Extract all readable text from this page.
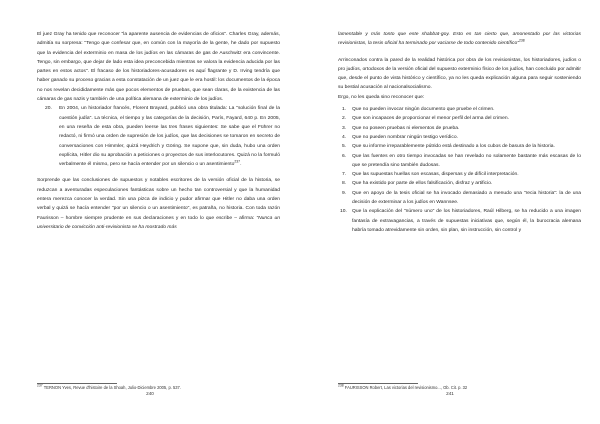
El juez Gray ha tenido que reconocer "la aparente ausencia de evidencias de oficios". Charles Gray, además, admitía su sorpresa: "Tengo que confesar que, en común con la mayoría de la gente, he dado por supuesto que la evidencia del exterminio en masa de los judíos en las cámaras de gas de Auschwitz era convincente. Tengo, sin embargo, que dejar de lado esta idea preconcebida mientras se valora la evidencia aducida por las partes en estos actos". El fracaso de los historiadores-acusadores es aquí flagrante y D. Irving tendría que haber ganado su proceso gracias a esta constatación de un juez que le era hostil: los documentos de la época no nos revelan decididamente más que pocos elementos de pruebas, que sean claras, de la existencia de las cámaras de gas nazis y también de una política alemana de exterminio de los judíos.

20.	En 2004, un historiador francés, Florent Brayard, publicó una obra titulada: La "solución final de la cuestión judía". La técnica, el tiempo y las categorías de la decisión, París, Fayard, 640 p. En 2005, en una reseña de esta obra, pueden leerse las tres frases siguientes: Se sabe que el Führer no redactó, ni firmó una orden de supresión de los judíos, que las decisiones se tomaron en secreto de conversaciones con Himmler, quizá Heydrich y Göring. Se supone que, sin duda, hubo una orden explícita, Hitler dio su aprobación a peticiones o proyectos de sus interlocutores. Quizá no la formuló verbalmente él mismo, pero se hacía entender por un silencio o un asentimiento$^{237}$.

Sorprende que las conclusiones de supuestos y notables escritores de la versión oficial de la historia, se reduzcan a aventuradas especulaciones fantásticas sobre un hecho tan controversial y que la humanidad entera merezca conocer la verdad. Sin una pizca de indicio y pudor afirmar que Hitler no daba una orden verbal y quizá se hacía entender "por un silencio o un asentimiento", es patraña, no historia. Con toda razón Faurisson – hombre siempre prudente en sus declaraciones y en todo lo que escribe – afirma: "Nunca un universitario de convicción anti-revisionista se ha mostrado más

$^{237}$ TERNON Yves, Revue d'histoire de la Shoah, Julio-Diciembre 2005, p. 537.
240

lamentable y más tonto que este shabbat-goy. Esto es tan cierto que, amonestado por las victorias revisionistas, la tesis oficial ha terminado por vaciarse de todo contenido científico"$^{238}$

Arrinconados contra la pared de la realidad histórica por obra de los revisionistas, los historiadores, judíos o pro judíos, ortodoxos de la versión oficial del supuesto exterminio físico de los judíos, han concluido por admitir que, desde el punto de vista histórico y científico, ya no les queda explicación alguna para seguir sosteniendo su bestial acusación al nacionalsocialismo.

Ergo, no les queda sino reconocer que:

1.	Que no pueden invocar ningún documento que pruebe el crimen.
2.	Que son incapaces de proporcionar el menor perfil del arma del crimen.
3.	Que no poseen pruebas ni elementos de prueba.
4.	Que no pueden nombrar ningún testigo verídico.
5.	Que su informe irreparablemente pútrido está destinado a los cubos de basura de la historia.
6.	Que las fuentes en otro tiempo invocadas se han revelado no solamente bastante más escasas de lo que se pretendía sino también dudosas.
7.	Que las supuestas huellas son escasas, dispersas y de difícil interpretación.
8.	Que ha existido por parte de ellos falsificación, disfraz y artificio.
9.	Que en apoyo de la tesis oficial se ha invocado demasiado a menudo una "recia historia": la de una decisión de exterminar a los judíos en Wannsee.
10.	Que la explicación del "número uno" de los historiadores, Raúl Hilberg, se ha reducido a una imagen fantasía de extravagancias, a través de supuestas iniciativas que, según él, la burocracia alemana habría tomado atrevidamente sin orden, sin plan, sin instrucción, sin control y
$^{238}$ FAURISSON Robert, Las victorias del revisionismo..., Ob. Cit. p. 32
241
